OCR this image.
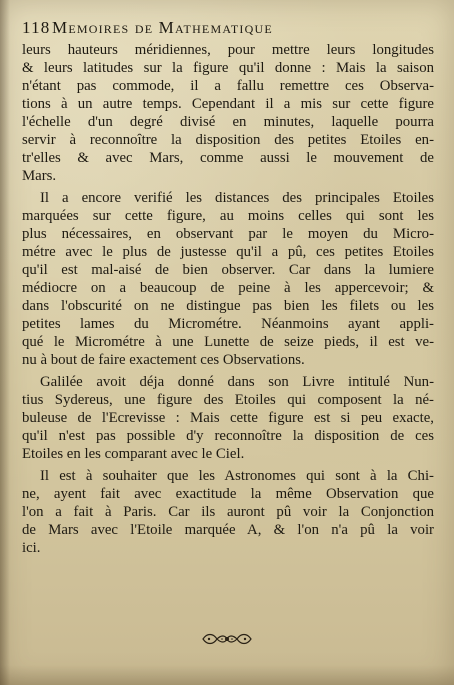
118 Memoires de Mathematique
leurs hauteurs méridiennes, pour mettre leurs longitudes
& leurs latitudes sur la figure qu'il donne : Mais la saison
n'étant pas commode, il a fallu remettre ces Observa-
tions à un autre temps. Cependant il a mis sur cette figure
l'échelle d'un degré divisé en minutes, laquelle pourra
servir à reconnoître la disposition des petites Etoiles en-
tr'elles & avec Mars, comme aussi le mouvement de
Mars.
Il a encore verifié les distances des principales Etoiles
marquées sur cette figure, au moins celles qui sont les
plus nécessaires, en observant par le moyen du Micro-
métre avec le plus de justesse qu'il a pû, ces petites Etoiles
qu'il est mal-aisé de bien observer. Car dans la lumiere
médiocre on a beaucoup de peine à les appercevoir; &
dans l'obscurité on ne distingue pas bien les filets ou les
petites lames du Micrométre. Néanmoins ayant appli-
qué le Micrométre à une Lunette de seize pieds, il est ve-
nu à bout de faire exactement ces Observations.
Galilée avoit déja donné dans son Livre intitulé Nun-
tius Sydereus, une figure des Etoiles qui composent la né-
buleuse de l'Ecrevisse : Mais cette figure est si peu exacte,
qu'il n'est pas possible d'y reconnoître la disposition de ces
Etoiles en les comparant avec le Ciel.
Il est à souhaiter que les Astronomes qui sont à la Chi-
ne, ayent fait avec exactitude la même Observation que
l'on a fait à Paris. Car ils auront pû voir la Conjonction
de Mars avec l'Etoile marquée A, & l'on n'a pû la voir
ici.
